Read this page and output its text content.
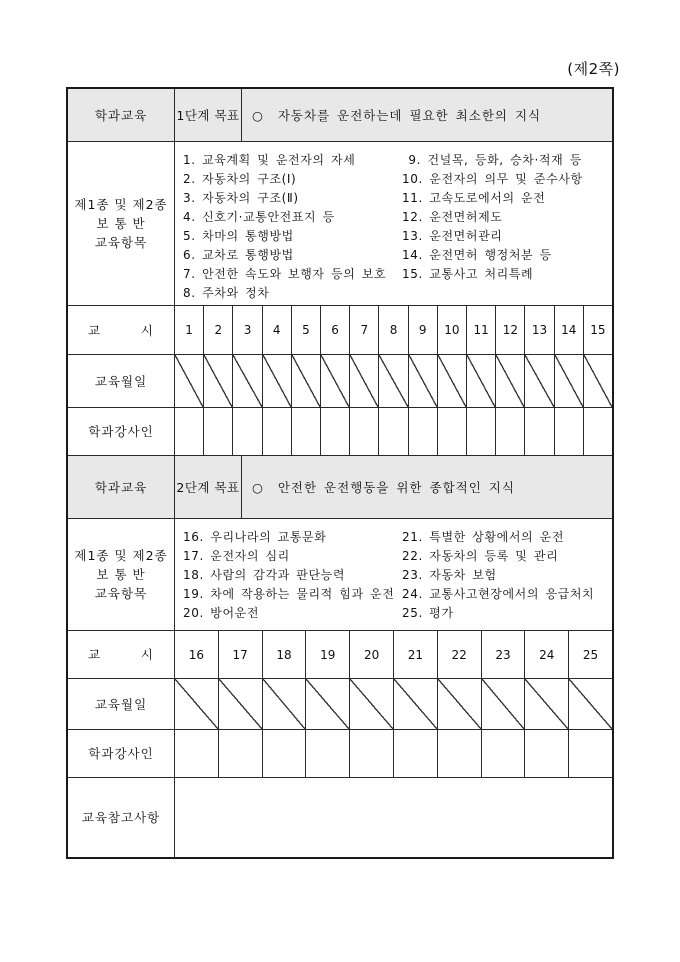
(제2쪽)
학과교육	1단계 목표 ○  자동차를 운전하는데 필요한 최소한의 지식
제1종 및 제2종
보 통 반
교육항목
1. 교육계획 및 운전자의 자세
2. 자동차의 구조(Ⅰ)
3. 자동차의 구조(Ⅱ)
4. 신호기·교통안전표지 등
5. 차마의 통행방법
6. 교차로 통행방법
7. 안전한 속도와 보행자 등의 보호
8. 주차와 정차
9. 건널목, 등화, 승차·적재 등
10. 운전자의 의무 및 준수사항
11. 고속도로에서의 운전
12. 운전면허제도
13. 운전면허관리
14. 운전면허 행정처분 등
15. 교통사고 처리특례
교        시	1	2	3	4	5	6	7	8	9	10	11	12	13	14	15
교육월일
학과강사인
학과교육	2단계 목표 ○  안전한 운전행동을 위한 종합적인 지식
제1종 및 제2종
보 통 반
교육항목
16. 우리나라의 교통문화
17. 운전자의 심리
18. 사람의 감각과 판단능력
19. 차에 작용하는 물리적 힘과 운전
20. 방어운전
21. 특별한 상황에서의 운전
22. 자동차의 등록 및 관리
23. 자동차 보험
24. 교통사고현장에서의 응급처치
25. 평가
교        시	16	17	18	19	20	21	22	23	24	25
교육월일
학과강사인
교육참고사항
